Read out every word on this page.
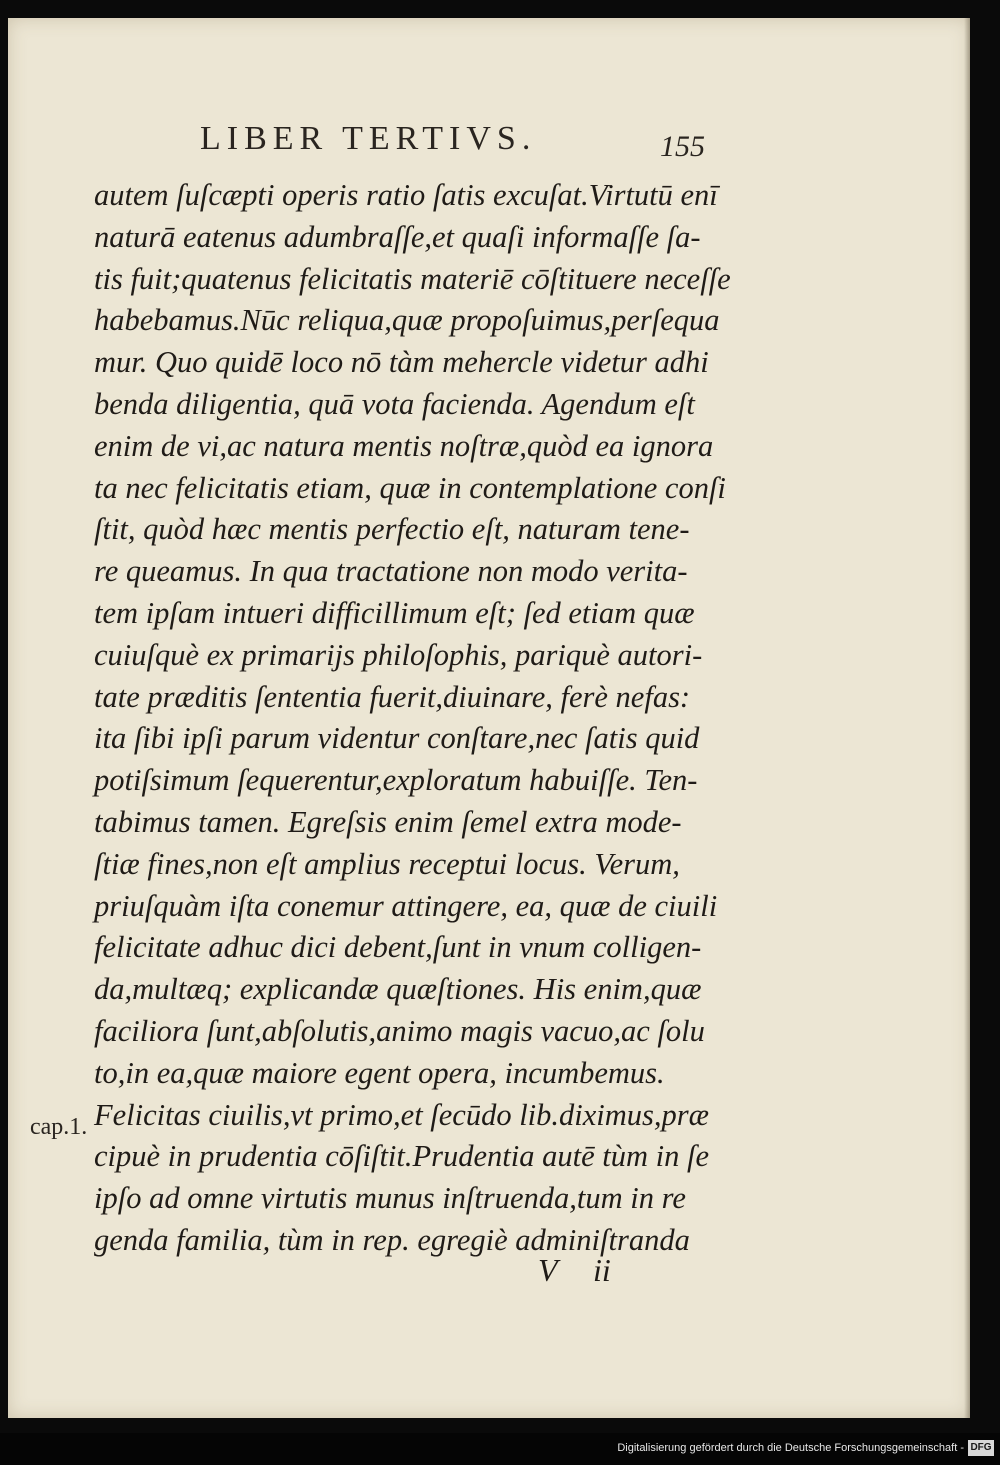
LIBER TERTIVS.	155
autem ſuſcæpti operis ratio ſatis excuſat.Virtutū enī
naturā eatenus adumbraſſe,et quaſi informaſſe ſa-
tis fuit;quatenus felicitatis materiē cōſtituere neceſſe
habebamus.Nūc reliqua,quæ propoſuimus,perſequa
mur. Quo quidē loco nō tàm mehercle videtur adhi
benda diligentia, quā vota facienda. Agendum eſt
enim de vi,ac natura mentis noſtræ,quòd ea ignora
ta nec felicitatis etiam, quæ in contemplatione conſi
ſtit, quòd hæc mentis perfectio eſt, naturam tene-
re queamus. In qua tractatione non modo verita-
tem ipſam intueri difficillimum eſt; ſed etiam quæ
cuiuſquè ex primarijs philoſophis, pariquè autori-
tate præditis ſententia fuerit,diuinare, ferè nefas:
ita ſibi ipſi parum videntur conſtare,nec ſatis quid
potiſsimum ſequerentur,exploratum habuiſſe. Ten-
tabimus tamen. Egreſsis enim ſemel extra mode-
ſtiæ fines,non eſt amplius receptui locus. Verum,
priuſquàm iſta conemur attingere, ea, quæ de ciuili
felicitate adhuc dici debent,ſunt in vnum colligen-
da,multæq; explicandæ quæſtiones. His enim,quæ
faciliora ſunt,abſolutis,animo magis vacuo,ac ſolu
to,in ea,quæ maiore egent opera, incumbemus.
Felicitas ciuilis,vt primo,et ſecūdo lib.diximus,præ
cipuè in prudentia cōſiſtit.Prudentia autē tùm in ſe
ipſo ad omne virtutis munus inſtruenda,tum in re
genda familia, tùm in rep. egregiè adminiſtranda
cap.1.
V ii
Digitalisierung gefördert durch die Deutsche Forschungsgemeinschaft - DFG
